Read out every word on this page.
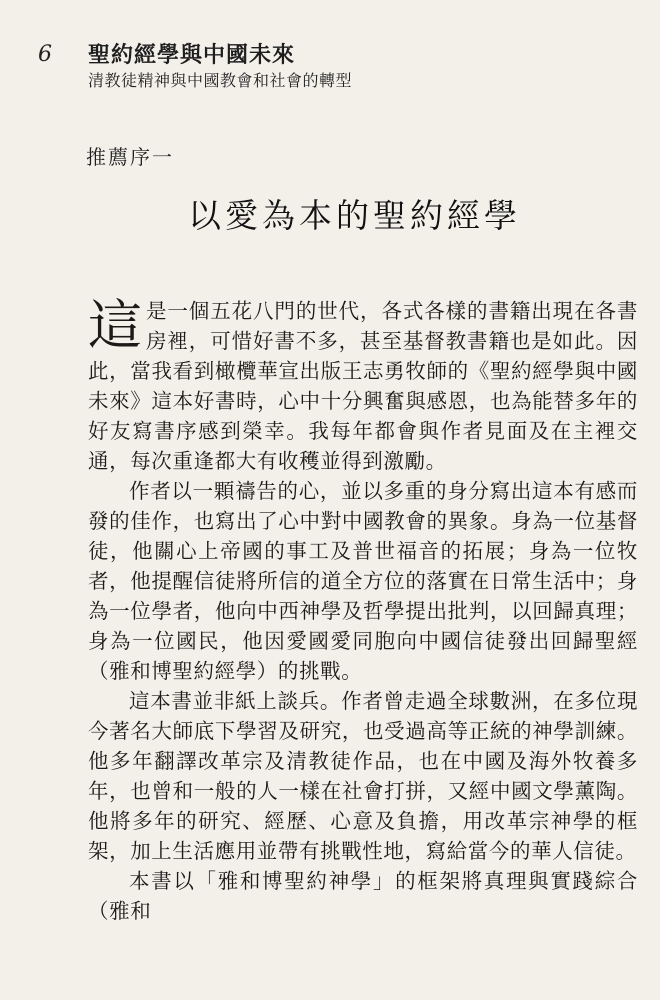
6 聖約經學與中國未來
清教徒精神與中國教會和社會的轉型
推薦序一
以愛為本的聖約經學

這是一個五花八門的世代，各式各樣的書籍出現在各書房裡，可惜好書不多，甚至基督教書籍也是如此。因此，當我看到橄欖華宣出版王志勇牧師的《聖約經學與中國未來》這本好書時，心中十分興奮與感恩，也為能替多年的好友寫書序感到榮幸。我每年都會與作者見面及在主裡交通，每次重逢都大有收穫並得到激勵。

作者以一顆禱告的心，並以多重的身分寫出這本有感而發的佳作，也寫出了心中對中國教會的異象。身為一位基督徒，他關心上帝國的事工及普世福音的拓展；身為一位牧者，他提醒信徒將所信的道全方位的落實在日常生活中；身為一位學者，他向中西神學及哲學提出批判，以回歸真理；身為一位國民，他因愛國愛同胞向中國信徒發出回歸聖經（雅和博聖約經學）的挑戰。

這本書並非紙上談兵。作者曾走過全球數洲，在多位現今著名大師底下學習及研究，也受過高等正統的神學訓練。他多年翻譯改革宗及清教徒作品，也在中國及海外牧養多年，也曾和一般的人一樣在社會打拼，又經中國文學薰陶。他將多年的研究、經歷、心意及負擔，用改革宗神學的框架，加上生活應用並帶有挑戰性地，寫給當今的華人信徒。

本書以「雅和博聖約神學」的框架將真理與實踐綜合（雅和
